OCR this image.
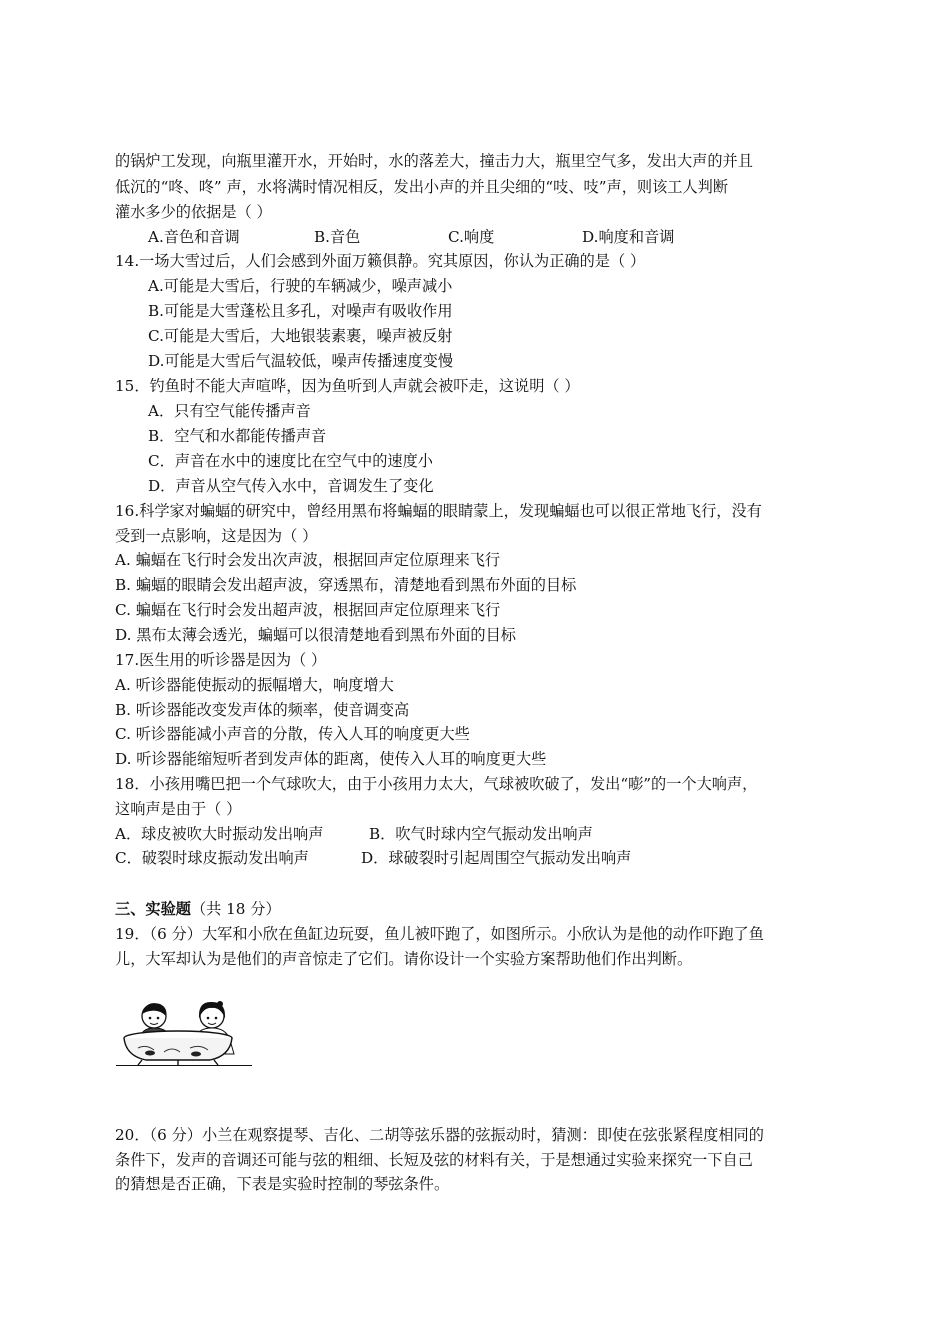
的锅炉工发现，向瓶里灌开水，开始时，水的落差大，撞击力大，瓶里空气多，发出大声的并且
低沉的“咚、咚” 声，水将满时情况相反，发出小声的并且尖细的“吱、吱”声，则该工人判断
灌水多少的依据是（ ）
A.音色和音调	B.音色	C.响度	D.响度和音调
14.一场大雪过后，人们会感到外面万籁俱静。究其原因，你认为正确的是（ ）
A.可能是大雪后，行驶的车辆减少，噪声减小
B.可能是大雪蓬松且多孔，对噪声有吸收作用
C.可能是大雪后，大地银装素裹，噪声被反射
D.可能是大雪后气温较低，噪声传播速度变慢
15．钓鱼时不能大声喧哗，因为鱼听到人声就会被吓走，这说明（ ）
A．只有空气能传播声音
B．空气和水都能传播声音
C．声音在水中的速度比在空气中的速度小
D．声音从空气传入水中，音调发生了变化
16.科学家对蝙蝠的研究中，曾经用黑布将蝙蝠的眼睛蒙上，发现蝙蝠也可以很正常地飞行，没有
受到一点影响，这是因为（ ）
A. 蝙蝠在飞行时会发出次声波，根据回声定位原理来飞行
B. 蝙蝠的眼睛会发出超声波，穿透黑布，清楚地看到黑布外面的目标
C. 蝙蝠在飞行时会发出超声波，根据回声定位原理来飞行
D. 黑布太薄会透光，蝙蝠可以很清楚地看到黑布外面的目标
17.医生用的听诊器是因为（ ）
A. 听诊器能使振动的振幅增大，响度增大
B. 听诊器能改变发声体的频率，使音调变高
C. 听诊器能减小声音的分散，传入人耳的响度更大些
D. 听诊器能缩短听者到发声体的距离，使传入人耳的响度更大些
18．小孩用嘴巴把一个气球吹大，由于小孩用力太大，气球被吹破了，发出“嘭”的一个大响声，
这响声是由于（ ）
A．球皮被吹大时振动发出响声	B．吹气时球内空气振动发出响声
C．破裂时球皮振动发出响声	D．球破裂时引起周围空气振动发出响声
三、实验题（共 18 分）
19．（6 分）大军和小欣在鱼缸边玩耍，鱼儿被吓跑了，如图所示。小欣认为是他的动作吓跑了鱼
儿，大军却认为是他们的声音惊走了它们。请你设计一个实验方案帮助他们作出判断。
20．（6 分）小兰在观察提琴、吉化、二胡等弦乐器的弦振动时，猜测：即使在弦张紧程度相同的
条件下，发声的音调还可能与弦的粗细、长短及弦的材料有关，于是想通过实验来探究一下自己
的猜想是否正确，下表是实验时控制的琴弦条件。
